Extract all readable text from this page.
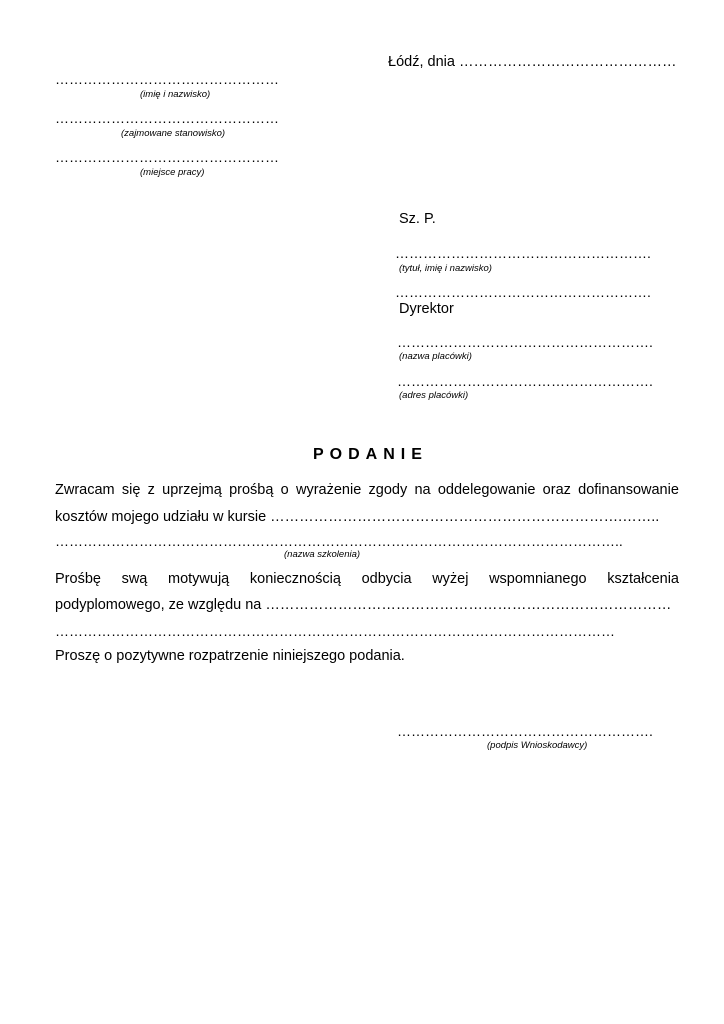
Łódź, dnia ………………………………………
…………………………………………
(imię i nazwisko)
…………………………………………
(zajmowane stanowisko)
…………………………………………
(miejsce pracy)
Sz. P.
……………………………………………….
(tytuł, imię i nazwisko)
……………………………………………….
Dyrektor
……………………………………………….
(nazwa placówki)
……………………………………………….
(adres placówki)
PODANIE
Zwracam się z uprzejmą prośbą o wyrażenie zgody na oddelegowanie oraz dofinansowanie
kosztów mojego udziału w kursie ……………………………………………………………….……..
…………………………………………………………………………………………………………..
(nazwa szkolenia)
Prośbę swą motywują koniecznością odbycia wyżej wspomnianego kształcenia
podyplomowego, ze względu na …………………………………………………………………………
…………………………………………………………………………………………………………
Proszę o pozytywne rozpatrzenie niniejszego podania.
……………………………………………….
(podpis Wnioskodawcy)
